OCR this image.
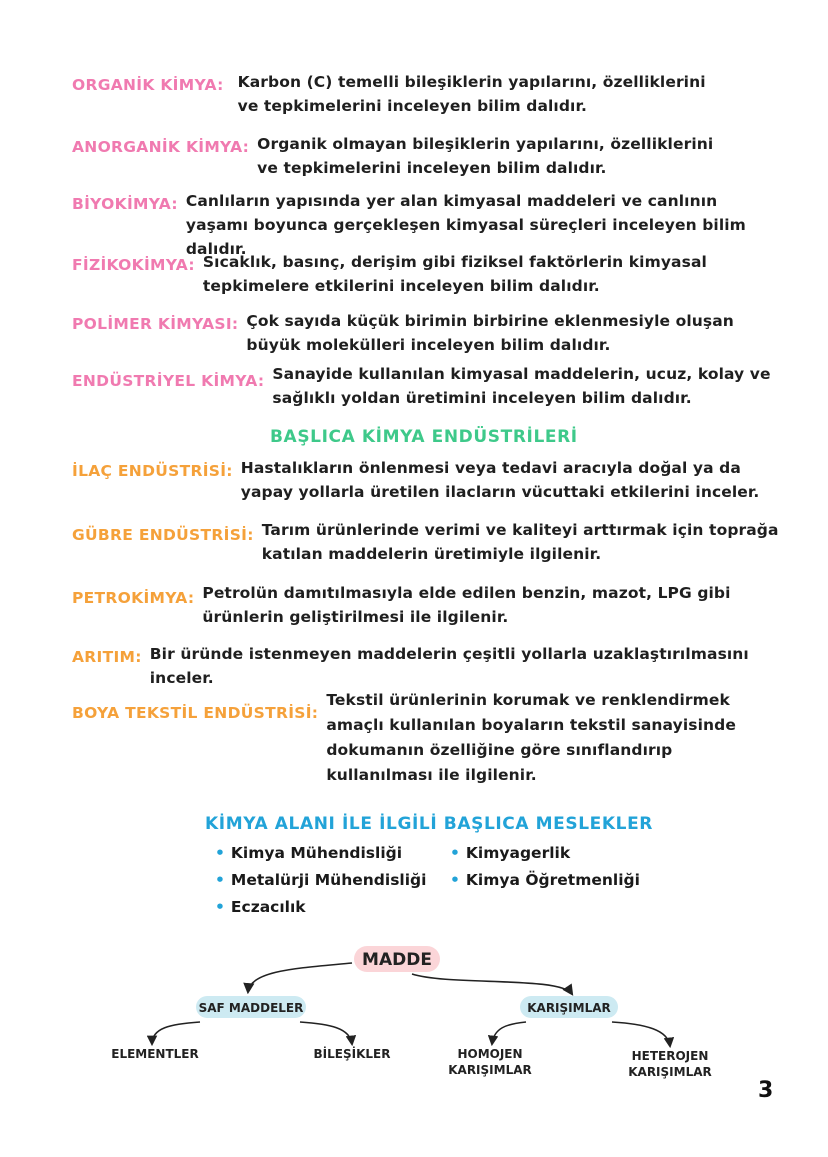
ORGANİK KİMYA: Karbon (C) temelli bileşiklerin yapılarını, özelliklerini ve tepkimelerini inceleyen bilim dalıdır.
ANORGANİK KİMYA: Organik olmayan bileşiklerin yapılarını, özelliklerini ve tepkimelerini inceleyen bilim dalıdır.
BİYOKİMYA: Canlıların yapısında yer alan kimyasal maddeleri ve canlının yaşamı boyunca gerçekleşen kimyasal süreçleri inceleyen bilim dalıdır.
FİZİKOKİMYA: Sıcaklık, basınç, derişim gibi fiziksel faktörlerin kimyasal tepkimelere etkilerini inceleyen bilim dalıdır.
POLİMER KİMYASI: Çok sayıda küçük birimin birbirine eklenmesiyle oluşan büyük molekülleri inceleyen bilim dalıdır.
ENDÜSTRİYEL KİMYA: Sanayide kullanılan kimyasal maddelerin, ucuz, kolay ve sağlıklı yoldan üretimini inceleyen bilim dalıdır.
BAŞLICA KİMYA ENDÜSTRİLERİ
İLAÇ ENDÜSTRİSİ: Hastalıkların önlenmesi veya tedavi aracıyla doğal ya da yapay yollarla üretilen ilacların vücuttaki etkilerini inceler.
GÜBRE ENDÜSTRİSİ: Tarım ürünlerinde verimi ve kaliteyi arttırmak için toprağa katılan maddelerin üretimiyle ilgilenir.
PETROKİMYA: Petrolün damıtılmasıyla elde edilen benzin, mazot, LPG gibi ürünlerin geliştirilmesi ile ilgilenir.
ARITIM: Bir üründe istenmeyen maddelerin çeşitli yollarla uzaklaştırılmasını inceler.
BOYA TEKSTİL ENDÜSTRİSİ:
Tekstil ürünlerinin korumak ve renklendirmek amaçlı kullanılan boyaların tekstil sanayisinde dokumanın özelliğine göre sınıflandırıp kullanılması ile ilgilenir.
KİMYA ALANI İLE İLGİLİ BAŞLICA MESLEKLER
• Kimya Mühendisliği	• Kimyagerlik
• Metalürji Mühendisliği • Kimya Öğretmenliği
• Eczacılık
MADDE
SAF MADDELER	KARIŞIMLAR
ELEMENTLER	BİLEŞİKLER	HOMOJEN
KARIŞIMLAR
HETEROJEN
KARIŞIMLAR
3
